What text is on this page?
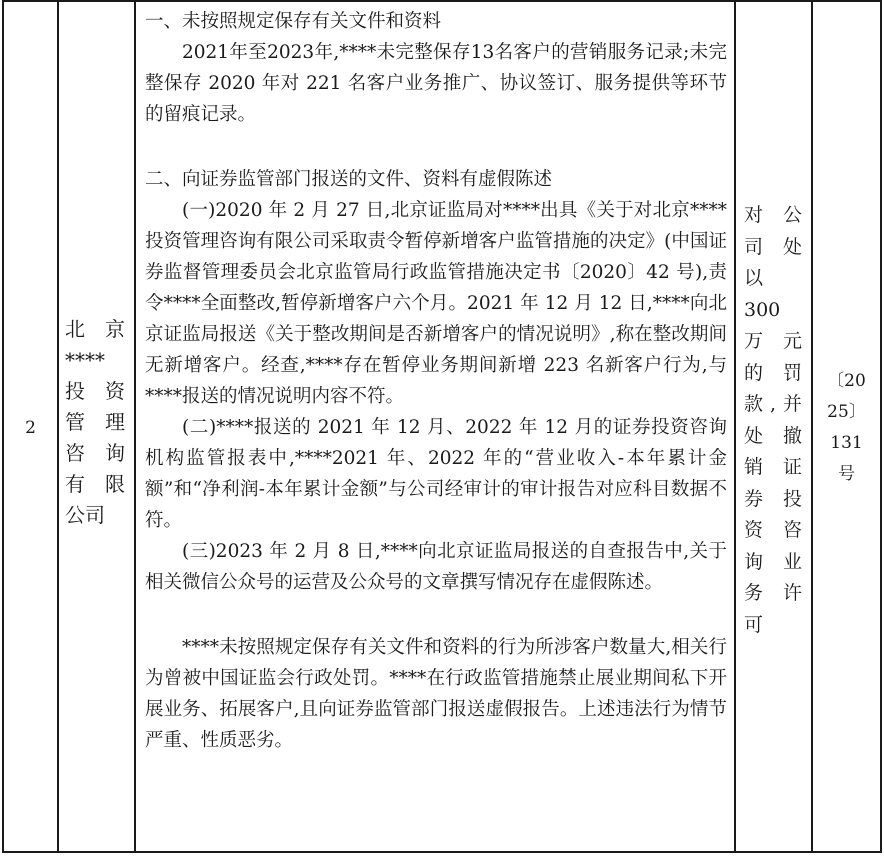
2
北 京
****
投 资
管 理
咨 询
有 限
公司
一、未按照规定保存有关文件和资料
2021年至2023年,****未完整保存13名客户的营销服务记录;未完整保存 2020 年对 221 名客户业务推广、协议签订、服务提供等环节的留痕记录。
二、向证券监管部门报送的文件、资料有虚假陈述
(一)2020 年 2 月 27 日,北京证监局对****出具《关于对北京****投资管理咨询有限公司采取责令暂停新增客户监管措施的决定》(中国证券监督管理委员会北京监管局行政监管措施决定书〔2020〕42 号),责令****全面整改,暂停新增客户六个月。2021 年 12 月 12 日,****向北京证监局报送《关于整改期间是否新增客户的情况说明》,称在整改期间无新增客户。经查,****存在暂停业务期间新增 223 名新客户行为,与****报送的情况说明内容不符。
(二)****报送的 2021 年 12 月、2022 年 12 月的证券投资咨询机构监管报表中,****2021 年、2022 年的“营业收入-本年累计金额”和“净利润-本年累计金额”与公司经审计的审计报告对应科目数据不符。
(三)2023 年 2 月 8 日,****向北京证监局报送的自查报告中,关于相关微信公众号的运营及公众号的文章撰写情况存在虚假陈述。
****未按照规定保存有关文件和资料的行为所涉客户数量大,相关行为曾被中国证监会行政处罚。****在行政监管措施禁止展业期间私下开展业务、拓展客户,且向证券监管部门报送虚假报告。上述违法行为情节严重、性质恶劣。
对 公
司 处
以
300
万 元
的 罚
款,并
处 撤
销 证
券 投
资 咨
询 业
务 许
可
〔20
25〕
131
号
